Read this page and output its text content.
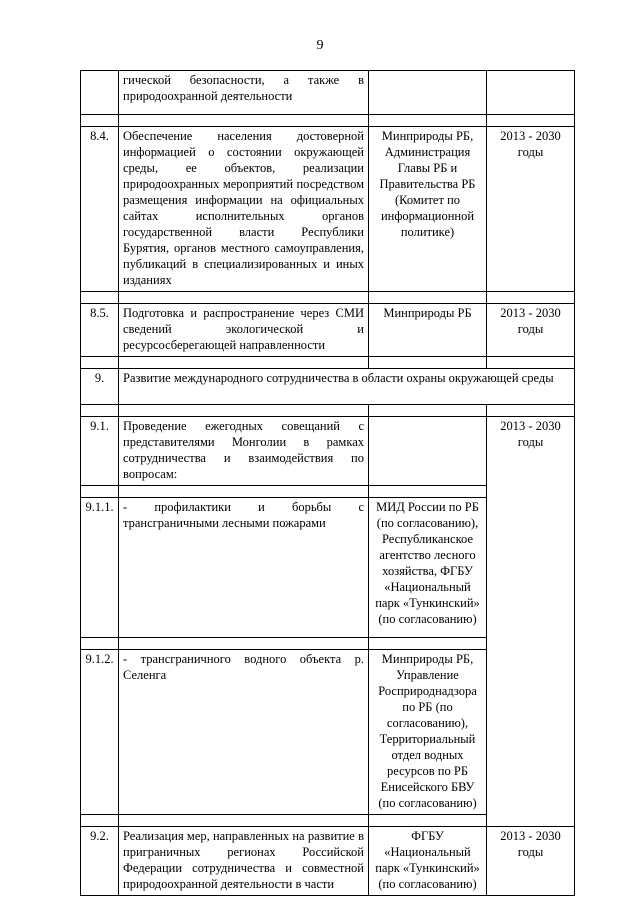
9
	гической безопасности, а также в природоохранной деятельности		

8.4.	Обеспечение населения достоверной информацией о состоянии окружающей среды, ее объектов, реализации природоохранных мероприятий посредством размещения информации на официальных сайтах исполнительных органов государственной власти Республики Бурятия, органов местного самоуправления, публикаций в специализированных и иных изданиях	Минприроды РБ, Администрация Главы РБ и Правительства РБ (Комитет по информационной политике)	2013 - 2030 годы

8.5.	Подготовка и распространение через СМИ сведений экологической и ресурсосберегающей направленности	Минприроды РБ	2013 - 2030 годы

9.	Развитие международного сотрудничества в области охраны окружающей среды		

9.1.	Проведение ежегодных совещаний с представителями Монголии в рамках сотрудничества и взаимодействия по вопросам:		2013 - 2030 годы

9.1.1.	- профилактики и борьбы с трансграничными лесными пожарами	МИД России по РБ (по согласованию), Республиканское агентство лесного хозяйства, ФГБУ «Национальный парк «Тункинский» (по согласованию)	

9.1.2.	- трансграничного водного объекта р. Селенга	Минприроды РБ, Управление Росприроднадзора по РБ (по согласованию), Территориальный отдел водных ресурсов по РБ Енисейского БВУ (по согласованию)	

9.2.	Реализация мер, направленных на развитие в приграничных регионах Российской Федерации сотрудничества и совместной природоохранной деятельности в части	ФГБУ «Национальный парк «Тункинский» (по согласованию)	2013 - 2030 годы
